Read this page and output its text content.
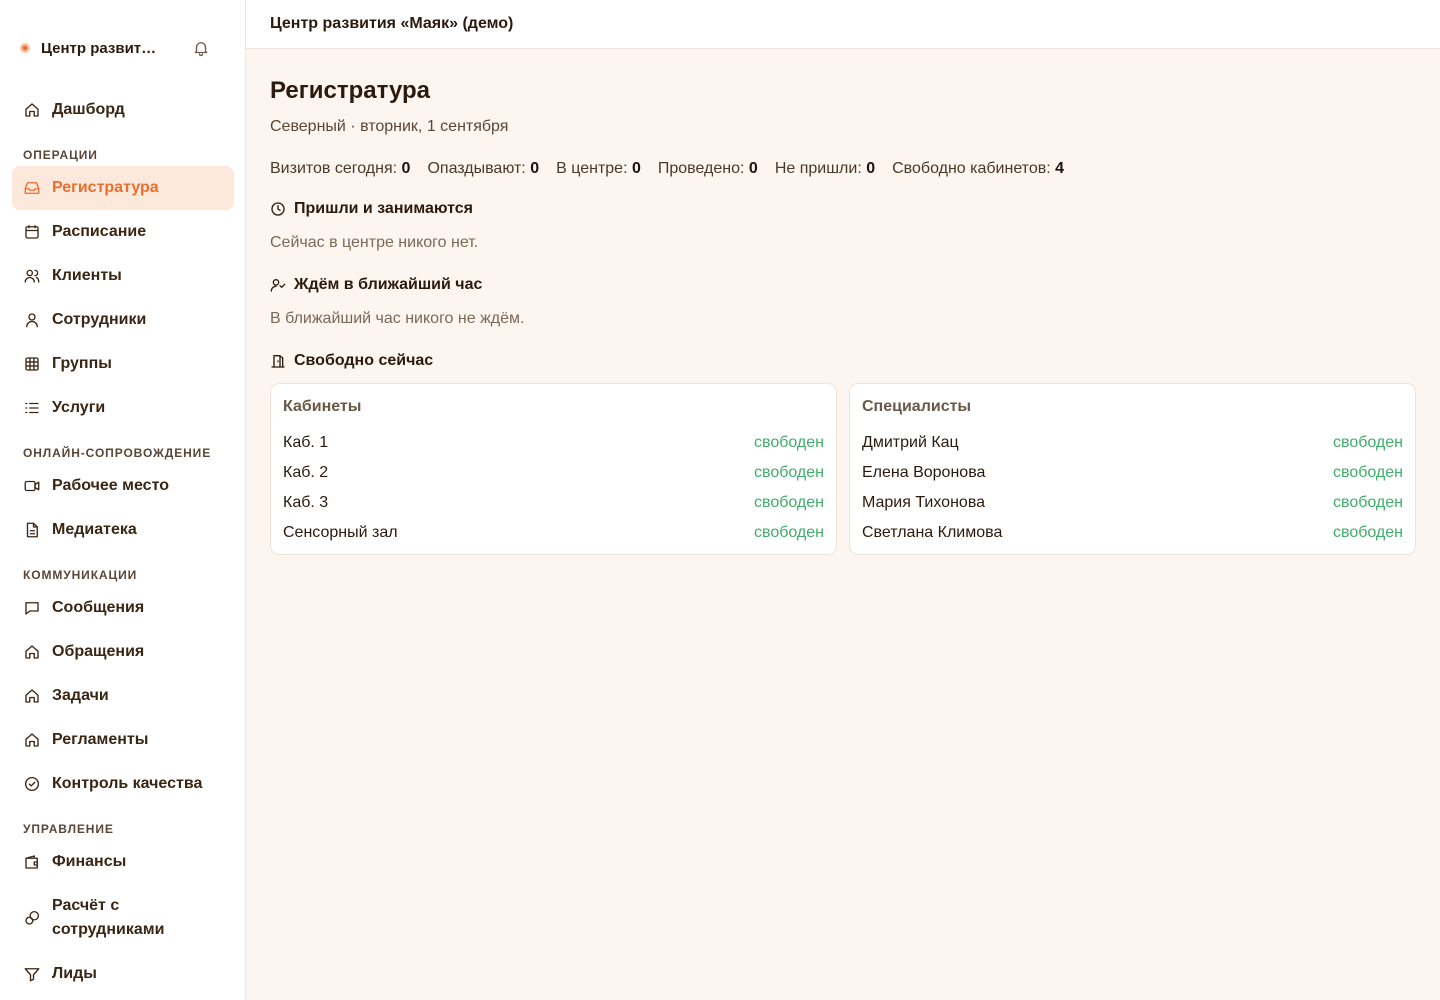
Центр развит…
Дашборд
ОПЕРАЦИИ
Регистратура
Расписание
Клиенты
Сотрудники
Группы
Услуги
ОНЛАЙН-СОПРОВОЖДЕНИЕ
Рабочее место
Медиатека
КОММУНИКАЦИИ
Сообщения
Обращения
Задачи
Регламенты
Контроль качества
УПРАВЛЕНИЕ
Финансы
Расчёт с сотрудниками
Лиды
Центр развития «Маяк» (демо)
Регистратура
Северный · вторник, 1 сентября
Визитов сегодня: 0 Опаздывают: 0 В центре: 0 Проведено: 0 Не пришли: 0 Свободно кабинетов: 4
Пришли и занимаются
Сейчас в центре никого нет.
Ждём в ближайший час
В ближайший час никого не ждём.
Свободно сейчас
Кабинеты
Каб. 1	свободен
Каб. 2	свободен
Каб. 3	свободен
Сенсорный зал	свободен
Специалисты
Дмитрий Кац	свободен
Елена Воронова	свободен
Мария Тихонова	свободен
Светлана Климова	свободен
